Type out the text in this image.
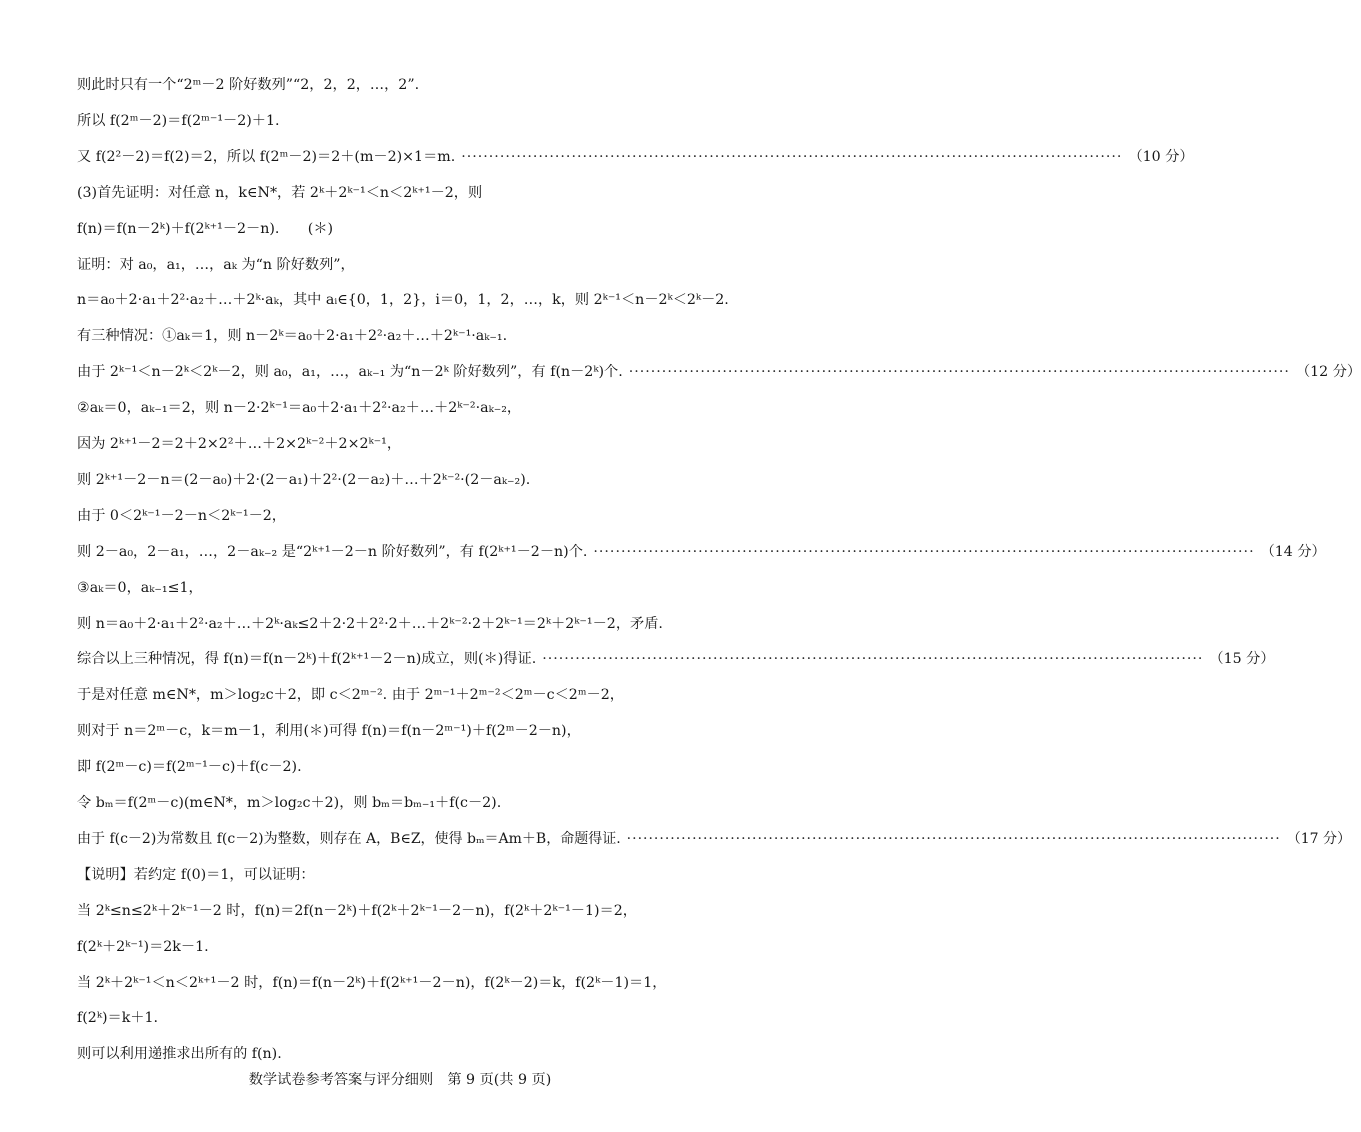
则此时只有一个“2ᵐ－2 阶好数列”“2，2，2，…，2”.
所以 f(2ᵐ－2)＝f(2ᵐ⁻¹－2)＋1.
又 f(2²－2)＝f(2)＝2，所以 f(2ᵐ－2)＝2＋(m－2)×1＝m. ························································································································ （10 分）
(3)首先证明：对任意 n，k∈N*，若 2ᵏ＋2ᵏ⁻¹＜n＜2ᵏ⁺¹－2，则
f(n)＝f(n－2ᵏ)＋f(2ᵏ⁺¹－2－n).　　(＊)
证明：对 a₀，a₁，…，aₖ 为“n 阶好数列”，
n＝a₀＋2·a₁＋2²·a₂＋…＋2ᵏ·aₖ，其中 aᵢ∈{0，1，2}，i＝0，1，2，…，k，则 2ᵏ⁻¹＜n－2ᵏ＜2ᵏ－2.
有三种情况：①aₖ＝1，则 n－2ᵏ＝a₀＋2·a₁＋2²·a₂＋…＋2ᵏ⁻¹·aₖ₋₁.
由于 2ᵏ⁻¹＜n－2ᵏ＜2ᵏ－2，则 a₀，a₁，…，aₖ₋₁ 为“n－2ᵏ 阶好数列”，有 f(n－2ᵏ)个. ························································································································ （12 分）
②aₖ＝0，aₖ₋₁＝2，则 n－2·2ᵏ⁻¹＝a₀＋2·a₁＋2²·a₂＋…＋2ᵏ⁻²·aₖ₋₂，
因为 2ᵏ⁺¹－2＝2＋2×2²＋…＋2×2ᵏ⁻²＋2×2ᵏ⁻¹，
则 2ᵏ⁺¹－2－n＝(2－a₀)＋2·(2－a₁)＋2²·(2－a₂)＋…＋2ᵏ⁻²·(2－aₖ₋₂).
由于 0＜2ᵏ⁻¹－2－n＜2ᵏ⁻¹－2，
则 2－a₀，2－a₁，…，2－aₖ₋₂ 是“2ᵏ⁺¹－2－n 阶好数列”，有 f(2ᵏ⁺¹－2－n)个. ························································································································ （14 分）
③aₖ＝0，aₖ₋₁≤1，
则 n＝a₀＋2·a₁＋2²·a₂＋…＋2ᵏ·aₖ≤2＋2·2＋2²·2＋…＋2ᵏ⁻²·2＋2ᵏ⁻¹＝2ᵏ＋2ᵏ⁻¹－2，矛盾.
综合以上三种情况，得 f(n)＝f(n－2ᵏ)＋f(2ᵏ⁺¹－2－n)成立，则(＊)得证. ························································································································ （15 分）
于是对任意 m∈N*，m＞log₂c＋2，即 c＜2ᵐ⁻². 由于 2ᵐ⁻¹＋2ᵐ⁻²＜2ᵐ－c＜2ᵐ－2，
则对于 n＝2ᵐ－c，k＝m－1，利用(＊)可得 f(n)＝f(n－2ᵐ⁻¹)＋f(2ᵐ－2－n)，
即 f(2ᵐ－c)＝f(2ᵐ⁻¹－c)＋f(c－2).
令 bₘ＝f(2ᵐ－c)(m∈N*，m＞log₂c＋2)，则 bₘ＝bₘ₋₁＋f(c－2).
由于 f(c－2)为常数且 f(c－2)为整数，则存在 A，B∈Z，使得 bₘ＝Am＋B，命题得证. ························································································································ （17 分）
【说明】若约定 f(0)＝1，可以证明：
当 2ᵏ≤n≤2ᵏ＋2ᵏ⁻¹－2 时，f(n)＝2f(n－2ᵏ)＋f(2ᵏ＋2ᵏ⁻¹－2－n)，f(2ᵏ＋2ᵏ⁻¹－1)＝2，
f(2ᵏ＋2ᵏ⁻¹)＝2k－1.
当 2ᵏ＋2ᵏ⁻¹＜n＜2ᵏ⁺¹－2 时，f(n)＝f(n－2ᵏ)＋f(2ᵏ⁺¹－2－n)，f(2ᵏ－2)＝k，f(2ᵏ－1)＝1，
f(2ᵏ)＝k＋1.
则可以利用递推求出所有的 f(n).
数学试卷参考答案与评分细则　第 9 页(共 9 页)
